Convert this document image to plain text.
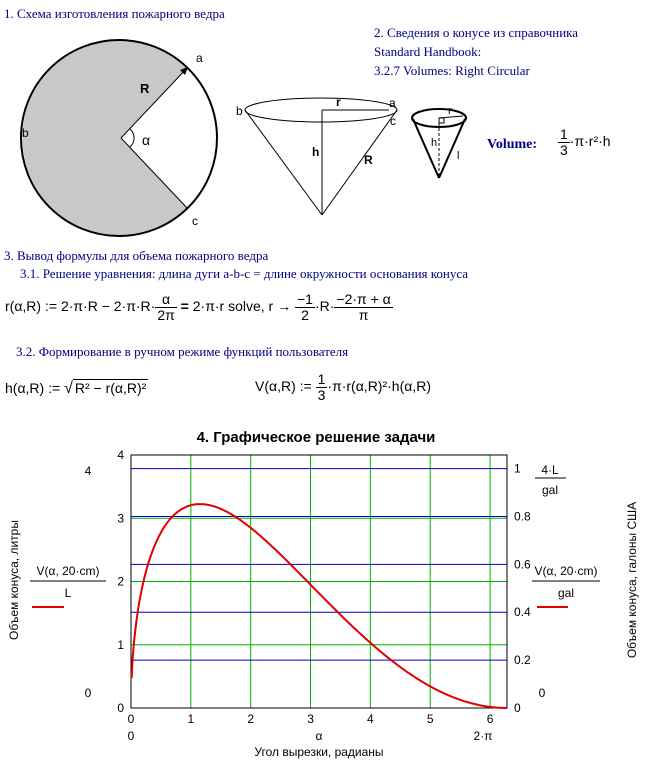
1. Схема изготовления пожарного ведра
2. Сведения о конусе из справочника
Standard Handbook:
3.2.7 Volumes: Right Circular
a
b
c
R
α
b
a
c
r
h
R
r
h
l
Volume: $\frac{1}{3} \cdot\pi\cdot r^2\cdot h$
3. Вывод формулы для объема пожарного ведра
3.1. Решение уравнения: длина дуги a-b-c = длине окружности основания конуса
r(α,R) := $2\cdot\pi\cdot R - 2\cdot\pi\cdot R\cdot \frac{\alpha}{2\pi} = 2\cdot\pi\cdot r$ solve, $r \to \frac{-1}{2} \cdot R\cdot \frac{-2\cdot\pi + \alpha}{\pi}$
3.2. Формирование в ручном режиме функций пользователя
h(α,R) := √ R² − r(α,R)²	V(α,R) := $\frac{1}{3} \cdot\pi\cdot r(\alpha,R)^2\cdot h(\alpha,R)$
4. Графическое решение задачи
0	1	2	3	4	5	6
0
1
2
3
4
0
0.2
0.4
0.6
0.8
1
Объем конуса, литры	Объем конуса, галоны США
Угол вырезки, радианы
α
0	2·π
4
0	0
V(α, 20·cm)
L
V(α, 20·cm)
gal
4·L
gal
